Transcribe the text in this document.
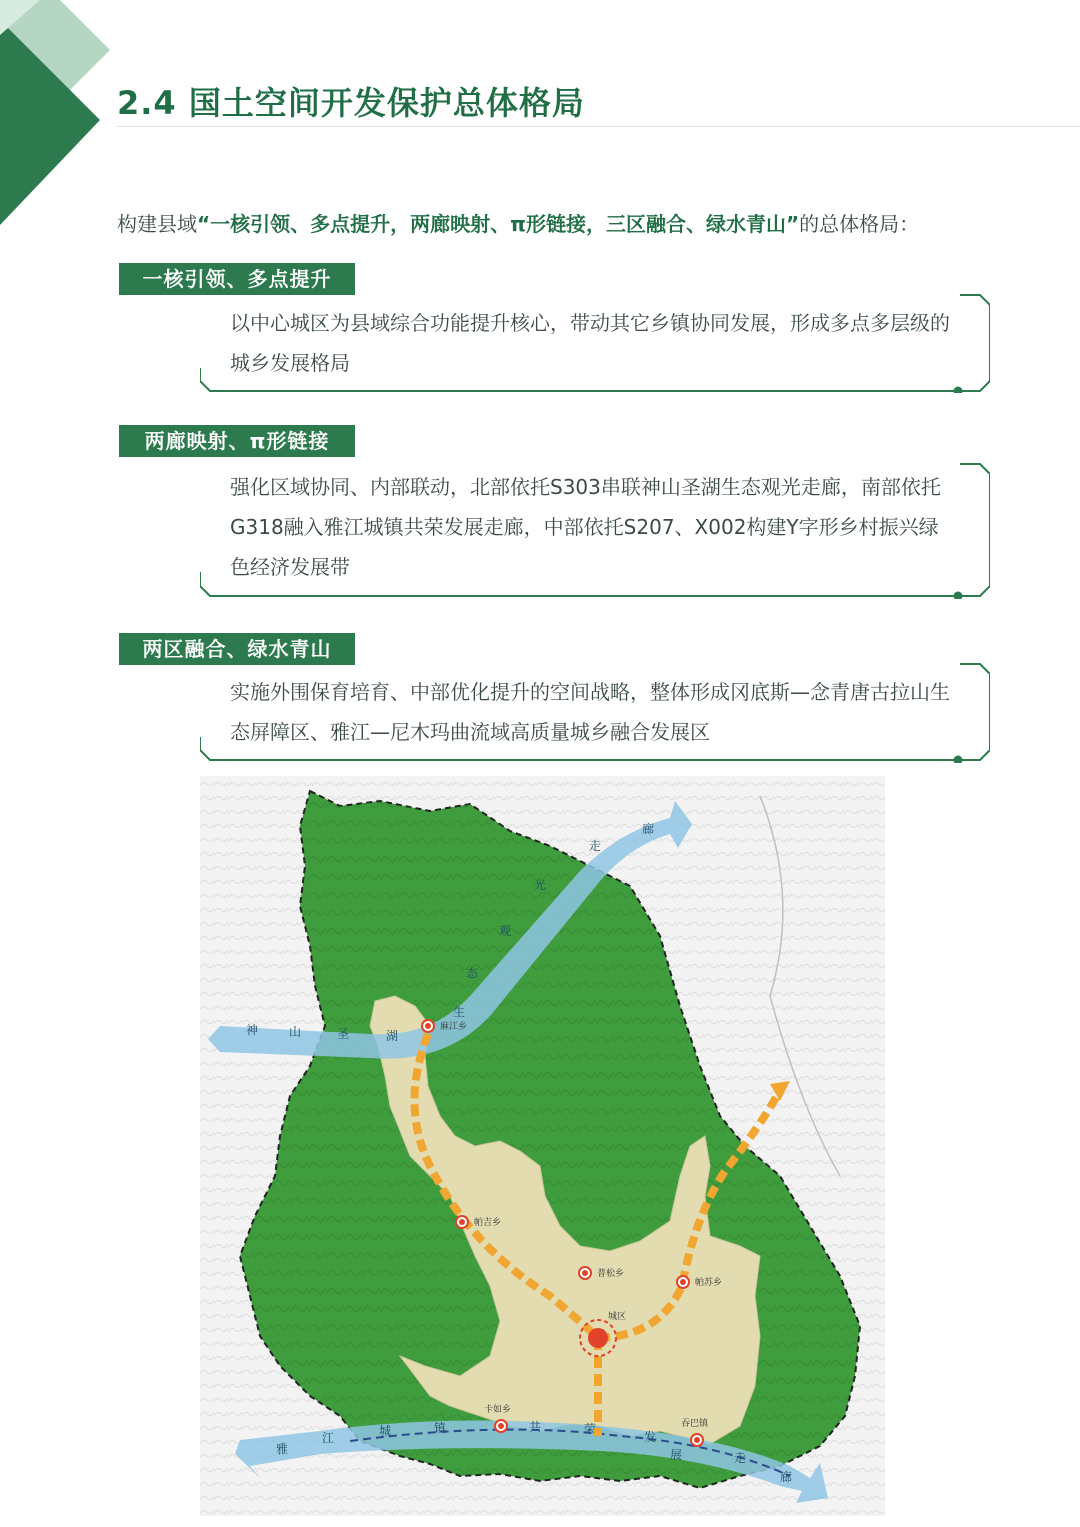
2.4 国土空间开发保护总体格局
构建县域“一核引领、多点提升，两廊映射、π形链接，三区融合、绿水青山”的总体格局：
一核引领、多点提升

以中心城区为县域综合功能提升核心，带动其它乡镇协同发展，形成多点多层级的城乡发展格局

两廊映射、π形链接

强化区域协同、内部联动，北部依托S303串联神山圣湖生态观光走廊，南部依托G318融入雅江城镇共荣发展走廊，中部依托S207、X002构建Y字形乡村振兴绿色经济发展带

两区融合、绿水青山

实施外围保育培育、中部优化提升的空间战略，整体形成冈底斯—念青唐古拉山生态屏障区、雅江—尼木玛曲流域高质量城乡融合发展区

神	山	圣	湖
生
态
观
光
走
廊
雅
江	城	镇	共	荣
发
展	走
廊
麻江乡
帕吉乡
普松乡
帕苏乡
城区
卡如乡
吞巴镇
